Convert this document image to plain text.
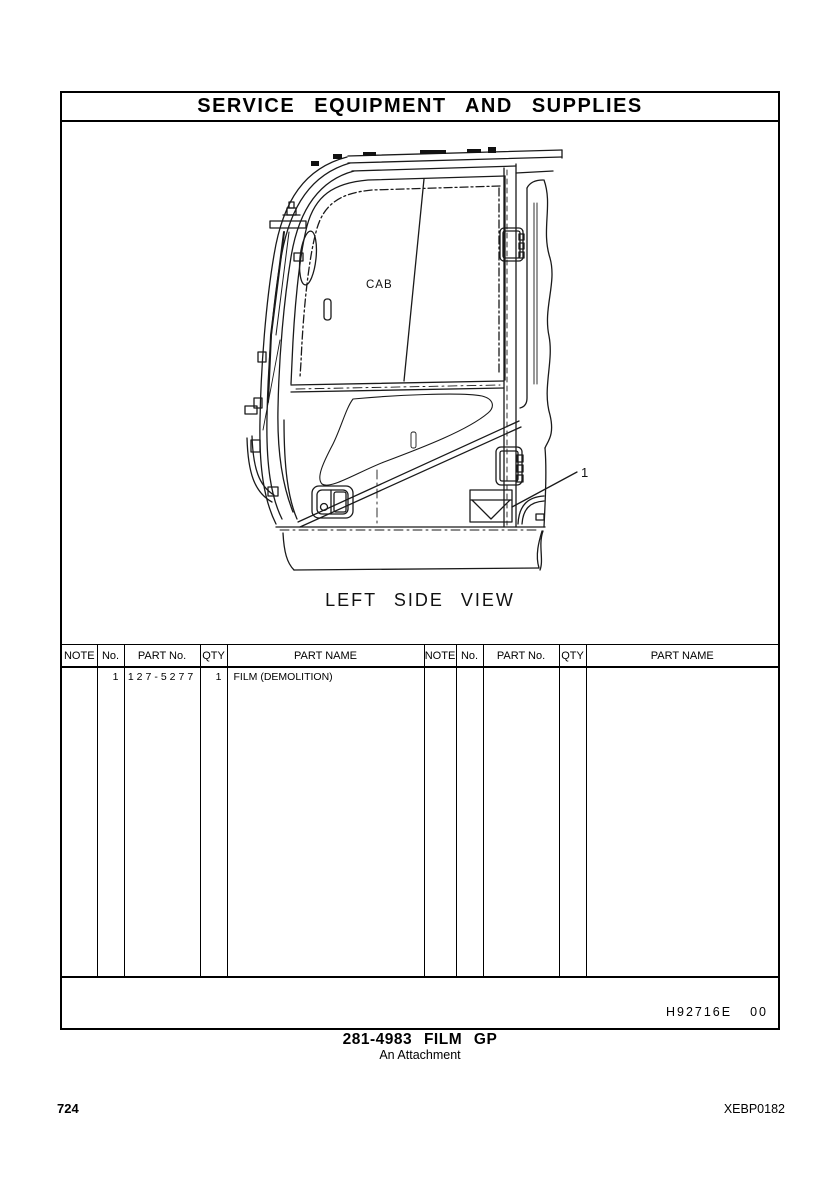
SERVICE EQUIPMENT AND SUPPLIES
CAB
1
LEFT SIDE VIEW
NOTE	No.	PART No.	QTY	PART NAME	NOTE	No.	PART No.	QTY	PART NAME
	1	127-5277	1	FILM (DEMOLITION)					

H92716E 00
281-4983 FILM GP
An Attachment
724	XEBP0182
